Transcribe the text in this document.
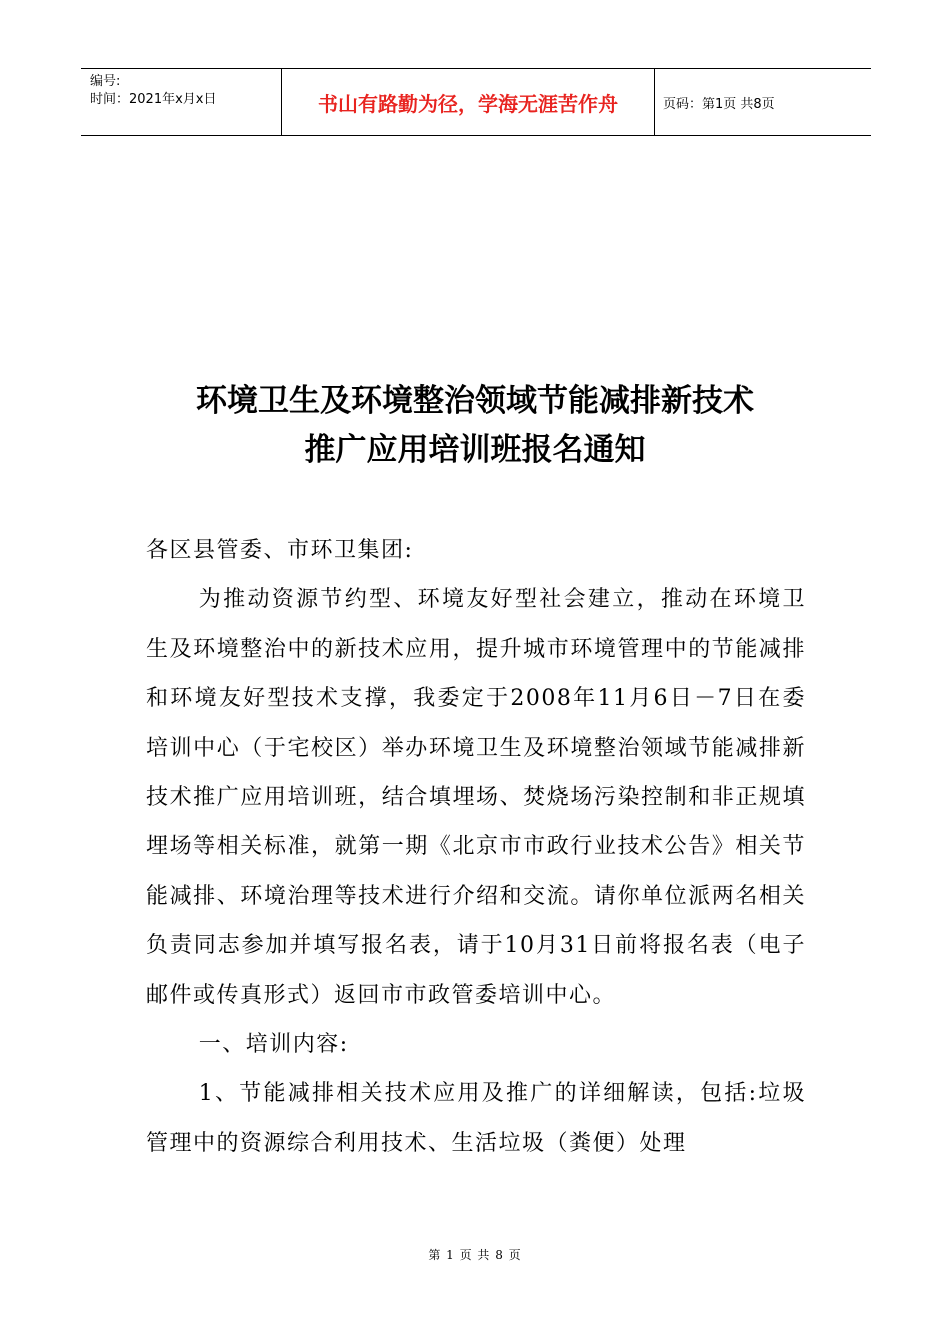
编号:
时间：2021年x月x日	书山有路勤为径，学海无涯苦作舟	页码：第1页 共8页
环境卫生及环境整治领域节能减排新技术
推广应用培训班报名通知

各区县管委、市环卫集团:

为推动资源节约型、环境友好型社会建立，推动在环境卫生及环境整治中的新技术应用，提升城市环境管理中的节能减排和环境友好型技术支撑，我委定于2008年11月6日－7日在委培训中心（于宅校区）举办环境卫生及环境整治领域节能减排新技术推广应用培训班，结合填埋场、焚烧场污染控制和非正规填埋场等相关标准，就第一期《北京市市政行业技术公告》相关节能减排、环境治理等技术进行介绍和交流。请你单位派两名相关负责同志参加并填写报名表，请于10月31日前将报名表（电子邮件或传真形式）返回市市政管委培训中心。

一、培训内容:

1、节能减排相关技术应用及推广的详细解读，包括:垃圾管理中的资源综合利用技术、生活垃圾（粪便）处理

第 1 页 共 8 页
